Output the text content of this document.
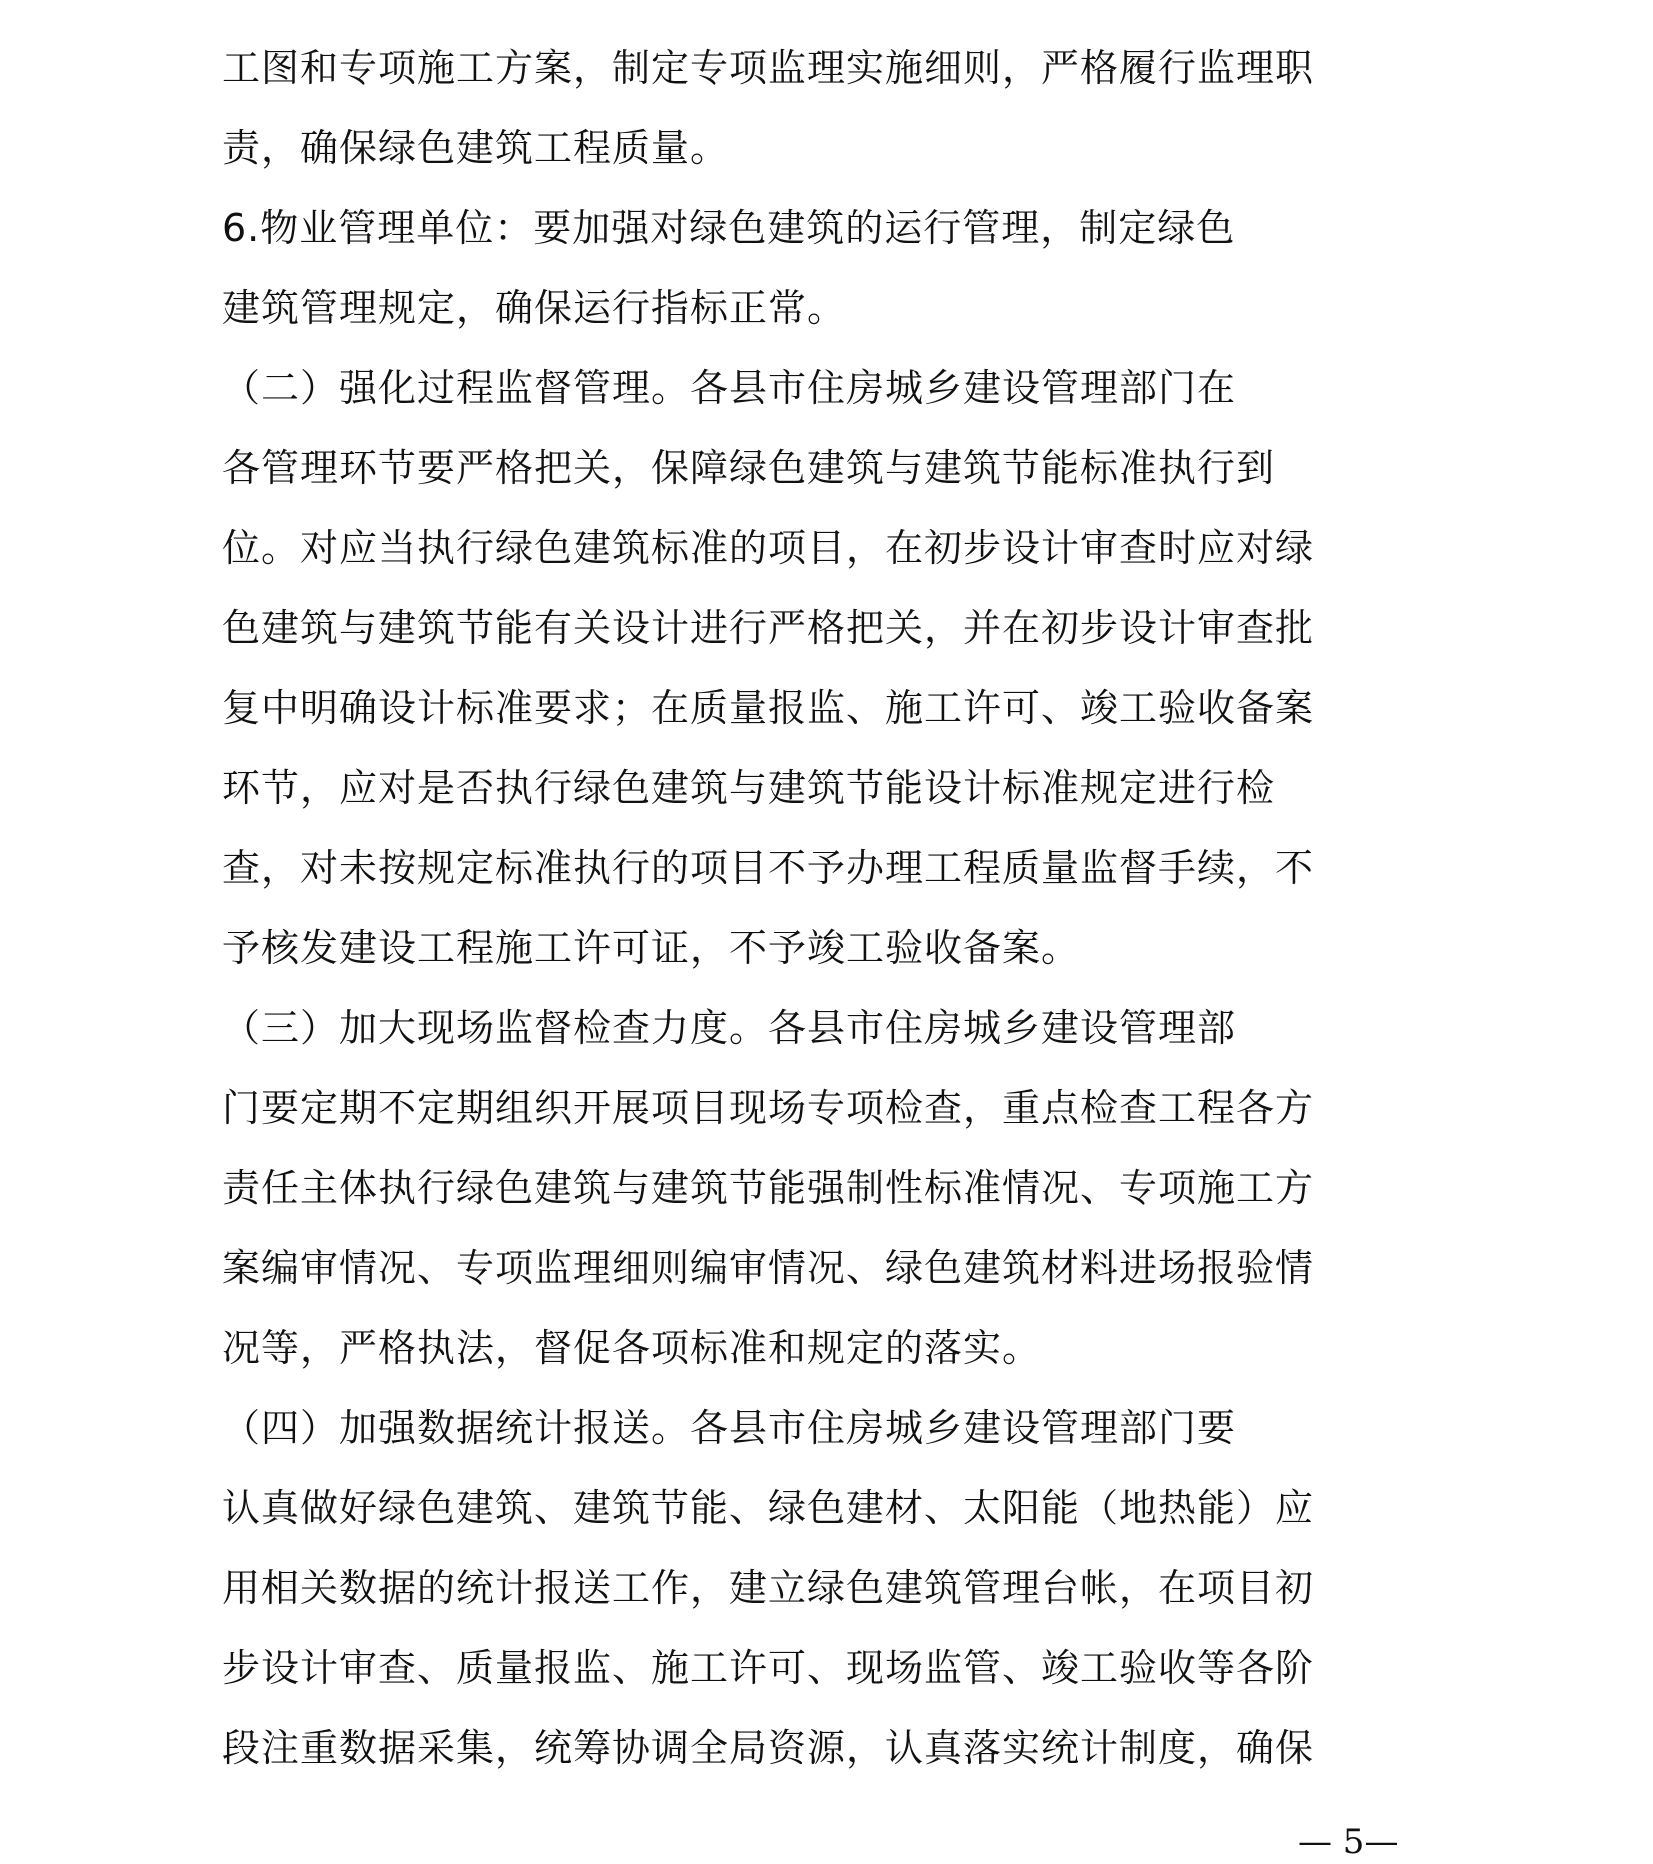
工图和专项施工方案，制定专项监理实施细则，严格履行监理职
责，确保绿色建筑工程质量。
6.物业管理单位：要加强对绿色建筑的运行管理，制定绿色
建筑管理规定，确保运行指标正常。
（二）强化过程监督管理。各县市住房城乡建设管理部门在
各管理环节要严格把关，保障绿色建筑与建筑节能标准执行到
位。对应当执行绿色建筑标准的项目，在初步设计审查时应对绿
色建筑与建筑节能有关设计进行严格把关，并在初步设计审查批
复中明确设计标准要求；在质量报监、施工许可、竣工验收备案
环节，应对是否执行绿色建筑与建筑节能设计标准规定进行检
查，对未按规定标准执行的项目不予办理工程质量监督手续，不
予核发建设工程施工许可证，不予竣工验收备案。
（三）加大现场监督检查力度。各县市住房城乡建设管理部
门要定期不定期组织开展项目现场专项检查，重点检查工程各方
责任主体执行绿色建筑与建筑节能强制性标准情况、专项施工方
案编审情况、专项监理细则编审情况、绿色建筑材料进场报验情
况等，严格执法，督促各项标准和规定的落实。
（四）加强数据统计报送。各县市住房城乡建设管理部门要
认真做好绿色建筑、建筑节能、绿色建材、太阳能（地热能）应
用相关数据的统计报送工作，建立绿色建筑管理台帐，在项目初
步设计审查、质量报监、施工许可、现场监管、竣工验收等各阶
段注重数据采集，统筹协调全局资源，认真落实统计制度，确保
— 5—
